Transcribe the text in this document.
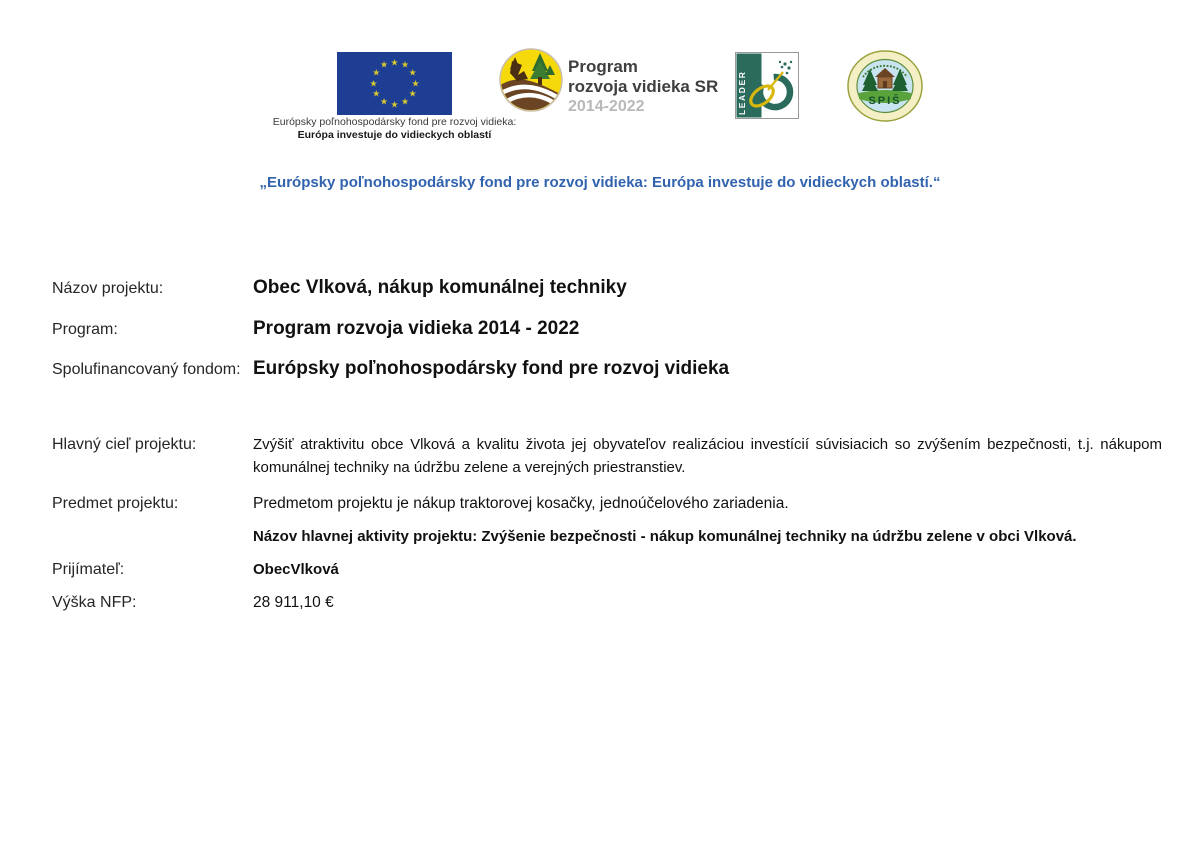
★ ★
★
★
★
★
★
★
★
★
★
★
Európsky poľnohospodársky fond pre rozvoj vidieka:
Európa investuje do vidieckych oblastí
Program
rozvoja vidieka SR
2014-2022	LEADER	SPIŠ
„Európsky poľnohospodársky fond pre rozvoj vidieka: Európa investuje do vidieckych oblastí.“
Názov projektu:	Obec Vlková, nákup komunálnej techniky
Program:	Program rozvoja vidieka 2014 - 2022
Spolufinancovaný fondom: Európsky poľnohospodársky fond pre rozvoj vidieka
Hlavný cieľ projektu:	Zvýšiť atraktivitu obce Vlková a kvalitu života jej obyvateľov realizáciou investícií súvisiacich so zvýšením bezpečnosti, t.j. nákupom komunálnej techniky na údržbu zelene a verejných priestranstiev.
Predmet projektu:	Predmetom projektu je nákup traktorovej kosačky, jednoúčelového zariadenia.
Názov hlavnej aktivity projektu: Zvýšenie bezpečnosti - nákup komunálnej techniky na údržbu zelene v obci Vlková.
Prijímateľ:	ObecVlková
Výška NFP:	28 911,10 €
